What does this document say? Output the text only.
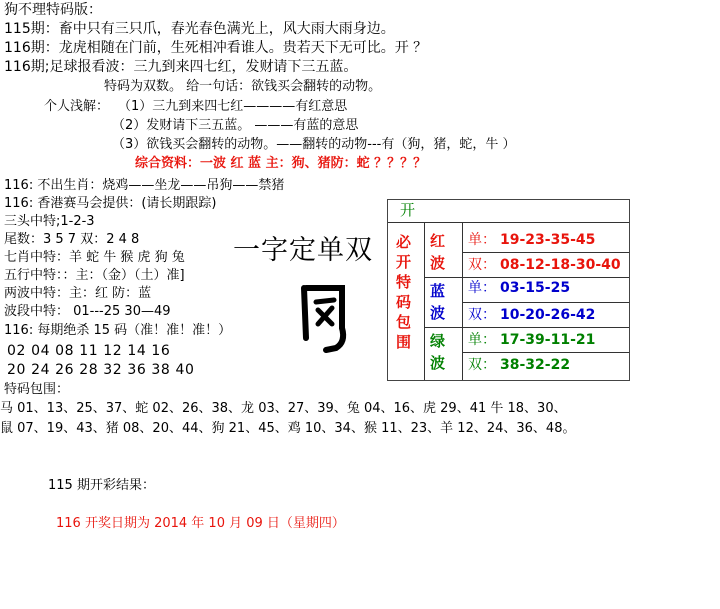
狗不理特码版：
115期：畜中只有三只爪，春光春色满光上，风大雨大雨身边。
116期：龙虎相随在门前，生死相冲看谁人。贵若天下无可比。开 ？
116期;足球报看波：三九到来四七红，发财请下三五蓝。
特码为双数。 给一句话：欲钱买会翻转的动物。
个人浅解： （1）三九到来四七红————有红意思
（2）发财请下三五蓝。 ———有蓝的意思
（3）欲钱买会翻转的动物。——翻转的动物---有（狗，猪，蛇，牛 ）
综合资料：一波 红 蓝 主：狗、猪防：蛇 ？？？？
116: 不出生肖：烧鸡——坐龙——吊狗——禁猪
116: 香港赛马会提供：(请长期跟踪)
三头中特;1-2-3
尾数：3 5 7 双：2 4 8
七肖中特：羊 蛇 牛 猴 虎 狗 兔
五行中特：：主：（金）（土）准]
两波中特：主：红 防：蓝
波段中特： 01---25 30—49
116: 每期绝杀 15 码（准！准！准！）
02 04 08 11 12 14 16
20 24 26 28 32 36 38 40
一字定单双
开
必开特码包围
红波
单： 19-23-35-45
双： 08-12-18-30-40
蓝波
单： 03-15-25
双： 10-20-26-42
绿波
单： 17-39-11-21
双： 38-32-22
特码包围：
马 01、13、25、37、蛇 02、26、38、龙 03、27、39、兔 04、16、虎 29、41 牛 18、30、
鼠 07、19、43、猪 08、20、44、狗 21、45、鸡 10、34、猴 11、23、羊 12、24、36、48。
115 期开彩结果：
116 开奖日期为 2014 年 10 月 09 日（星期四）
